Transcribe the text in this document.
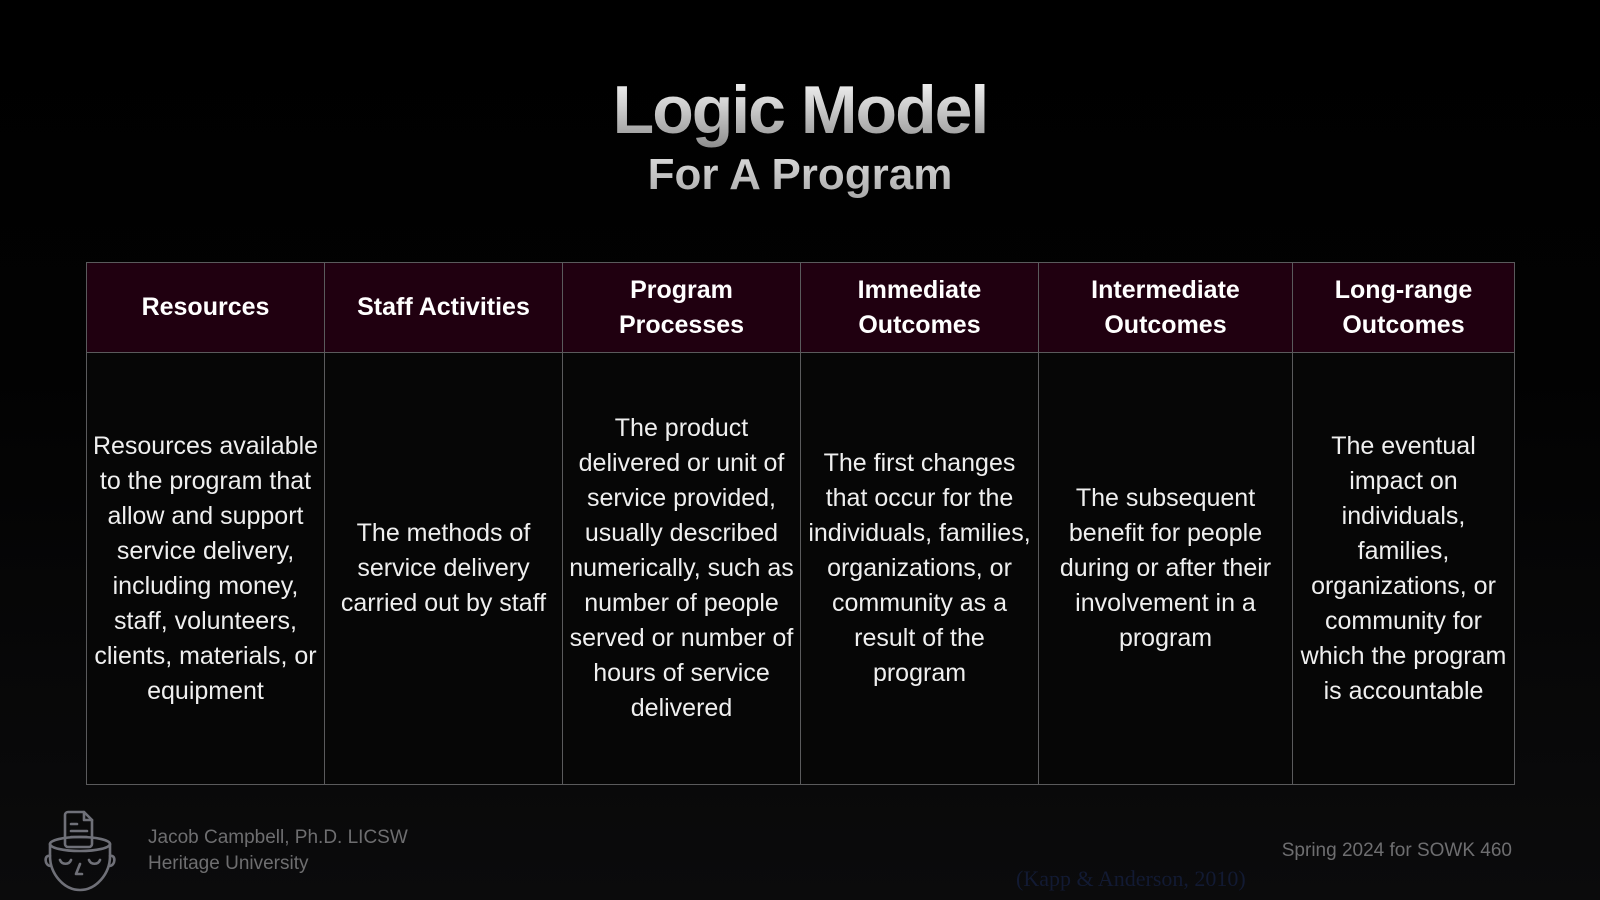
Logic Model
For A Program
Resources	Staff Activities	Program Processes	Immediate Outcomes	Intermediate Outcomes	Long-range Outcomes
Resources available to the program that allow and support service delivery, including money, staff, volunteers, clients, materials, or equipment	The methods of service delivery carried out by staff	The product delivered or unit of service provided, usually described numerically, such as number of people served or number of hours of service delivered	The first changes that occur for the individuals, families, organizations, or community as a result of the program	The subsequent benefit for people during or after their involvement in a program	The eventual impact on individuals, families, organizations, or community for which the program is accountable
Jacob Campbell, Ph.D. LICSW
Heritage University
Spring 2024 for SOWK 460
(Kapp & Anderson, 2010)
